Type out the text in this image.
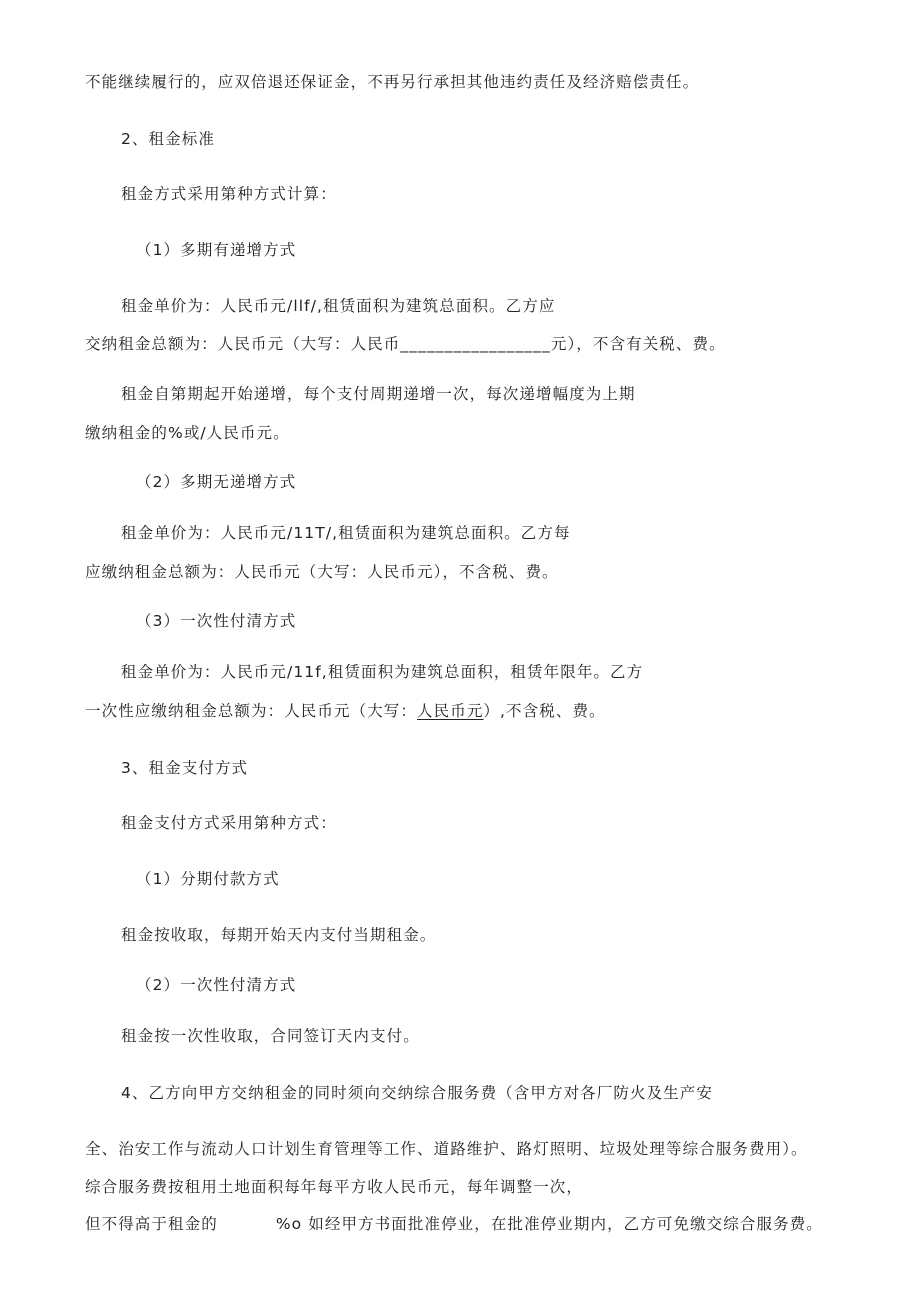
不能继续履行的，应双倍退还保证金，不再另行承担其他违约责任及经济赔偿责任。
2、租金标准
租金方式采用第种方式计算：
（1）多期有递增方式
租金单价为：人民币元/llf/,租赁面积为建筑总面积。乙方应
交纳租金总额为：人民币元（大写：人民币_________________元），不含有关税、费。
租金自第期起开始递增，每个支付周期递增一次，每次递增幅度为上期
缴纳租金的%或/人民币元。
（2）多期无递增方式
租金单价为：人民币元/11T/,租赁面积为建筑总面积。乙方每
应缴纳租金总额为：人民币元（大写：人民币元），不含税、费。
（3）一次性付清方式
租金单价为：人民币元/11f,租赁面积为建筑总面积，租赁年限年。乙方
一次性应缴纳租金总额为：人民币元（大写：人民币元）,不含税、费。
3、租金支付方式
租金支付方式采用第种方式：
（1）分期付款方式
租金按收取，每期开始天内支付当期租金。
（2）一次性付清方式
租金按一次性收取，合同签订天内支付。
4、乙方向甲方交纳租金的同时须向交纳综合服务费（含甲方对各厂防火及生产安
全、治安工作与流动人口计划生育管理等工作、道路维护、路灯照明、垃圾处理等综合服务费用）。
综合服务费按租用土地面积每年每平方收人民币元，每年调整一次，
但不得高于租金的	%o 如经甲方书面批准停业，在批准停业期内，乙方可免缴交综合服务费。
